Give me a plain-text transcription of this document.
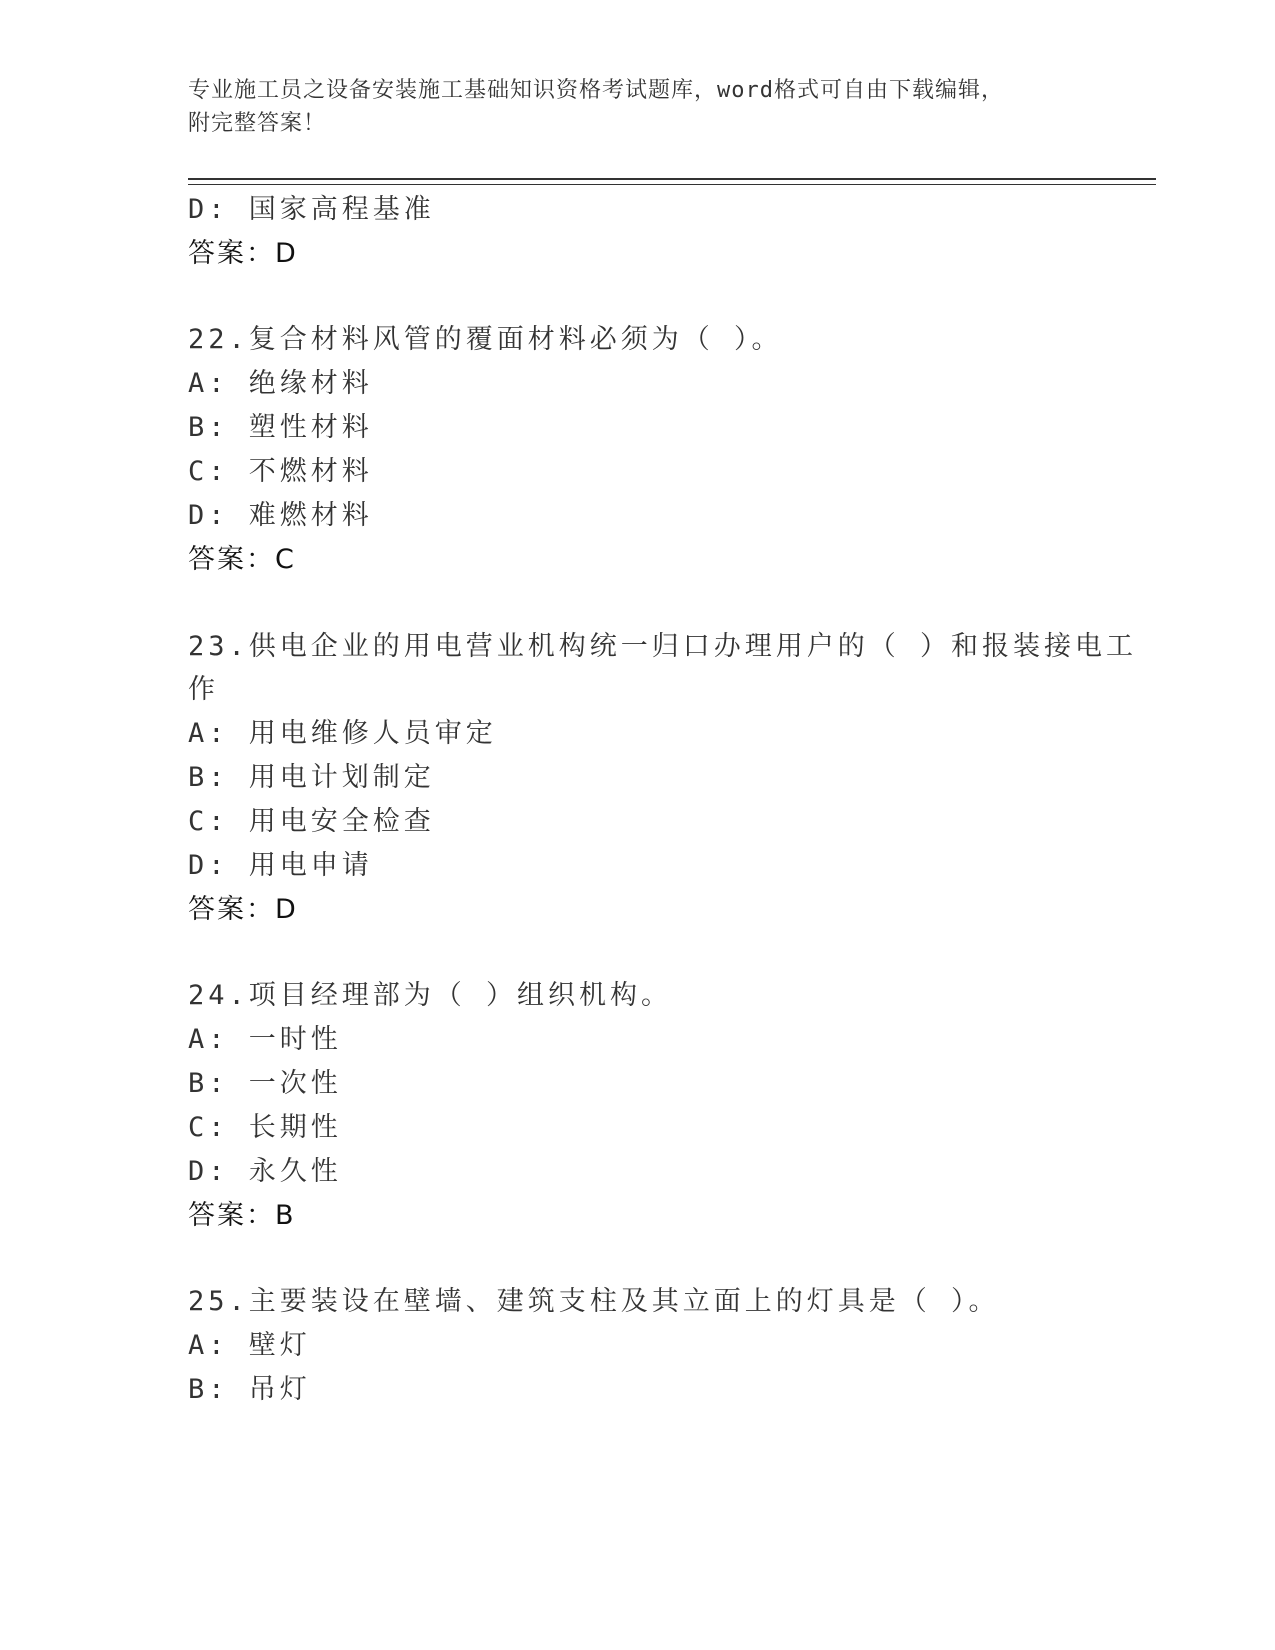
专业施工员之设备安装施工基础知识资格考试题库，word格式可自由下载编辑，
附完整答案！
D: 国家高程基准
答案：D
22.复合材料风管的覆面材料必须为（ ）。
A: 绝缘材料
B: 塑性材料
C: 不燃材料
D: 难燃材料
答案：C
23.供电企业的用电营业机构统一归口办理用户的（ ）和报装接电工
作
A: 用电维修人员审定
B: 用电计划制定
C: 用电安全检查
D: 用电申请
答案：D
24.项目经理部为（ ）组织机构。
A: 一时性
B: 一次性
C: 长期性
D: 永久性
答案：B
25.主要装设在壁墙、建筑支柱及其立面上的灯具是（ ）。
A: 壁灯
B: 吊灯
